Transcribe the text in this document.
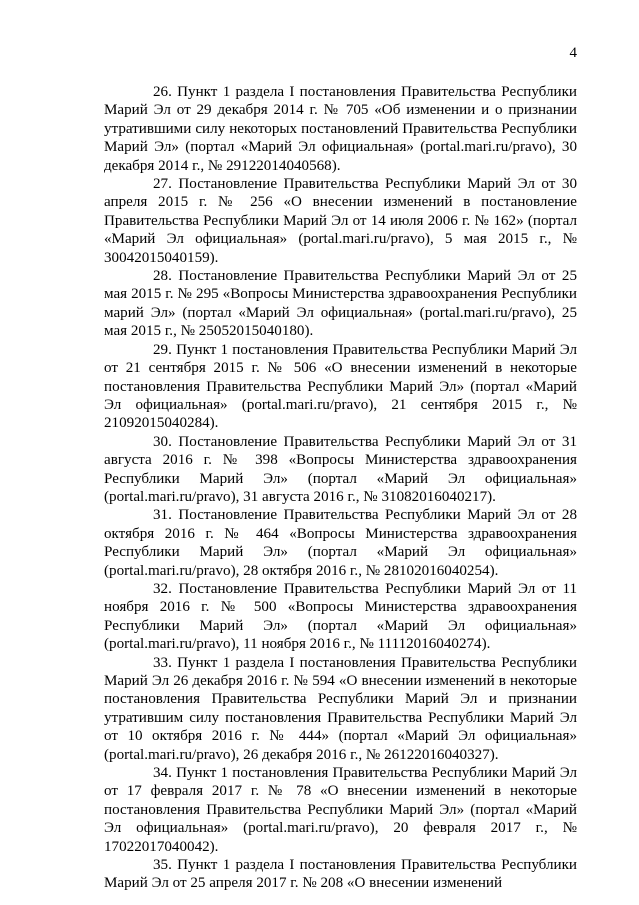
4

26. Пункт 1 раздела I постановления Правительства Республики Марий Эл от 29 декабря 2014 г. № 705 «Об изменении и о признании утратившими силу некоторых постановлений Правительства Республики Марий Эл» (портал «Марий Эл официальная» (portal.mari.ru/pravo), 30 декабря 2014 г., № 29122014040568).

27. Постановление Правительства Республики Марий Эл от 30 апреля 2015 г. № 256 «О внесении изменений в постановление Правительства Республики Марий Эл от 14 июля 2006 г. № 162» (портал «Марий Эл официальная» (portal.mari.ru/pravo), 5 мая 2015 г., № 30042015040159).

28. Постановление Правительства Республики Марий Эл от 25 мая 2015 г. № 295 «Вопросы Министерства здравоохранения Республики марий Эл» (портал «Марий Эл официальная» (portal.mari.ru/pravo), 25 мая 2015 г., № 25052015040180).

29. Пункт 1 постановления Правительства Республики Марий Эл от 21 сентября 2015 г. № 506 «О внесении изменений в некоторые постановления Правительства Республики Марий Эл» (портал «Марий Эл официальная» (portal.mari.ru/pravo), 21 сентября 2015 г., № 21092015040284).

30. Постановление Правительства Республики Марий Эл от 31 августа 2016 г. № 398 «Вопросы Министерства здравоохранения Республики Марий Эл» (портал «Марий Эл официальная» (portal.mari.ru/pravo), 31 августа 2016 г., № 31082016040217).

31. Постановление Правительства Республики Марий Эл от 28 октября 2016 г. № 464 «Вопросы Министерства здравоохранения Республики Марий Эл» (портал «Марий Эл официальная» (portal.mari.ru/pravo), 28 октября 2016 г., № 28102016040254).

32. Постановление Правительства Республики Марий Эл от 11 ноября 2016 г. № 500 «Вопросы Министерства здравоохранения Республики Марий Эл» (портал «Марий Эл официальная» (portal.mari.ru/pravo), 11 ноября 2016 г., № 11112016040274).

33. Пункт 1 раздела I постановления Правительства Республики Марий Эл 26 декабря 2016 г. № 594 «О внесении изменений в некоторые постановления Правительства Республики Марий Эл и признании утратившим силу постановления Правительства Республики Марий Эл от 10 октября 2016 г. № 444» (портал «Марий Эл официальная» (portal.mari.ru/pravo), 26 декабря 2016 г., № 26122016040327).

34. Пункт 1 постановления Правительства Республики Марий Эл от 17 февраля 2017 г. № 78 «О внесении изменений в некоторые постановления Правительства Республики Марий Эл» (портал «Марий Эл официальная» (portal.mari.ru/pravo), 20 февраля 2017 г., № 17022017040042).

35. Пункт 1 раздела I постановления Правительства Республики Марий Эл от 25 апреля 2017 г. № 208 «О внесении изменений
